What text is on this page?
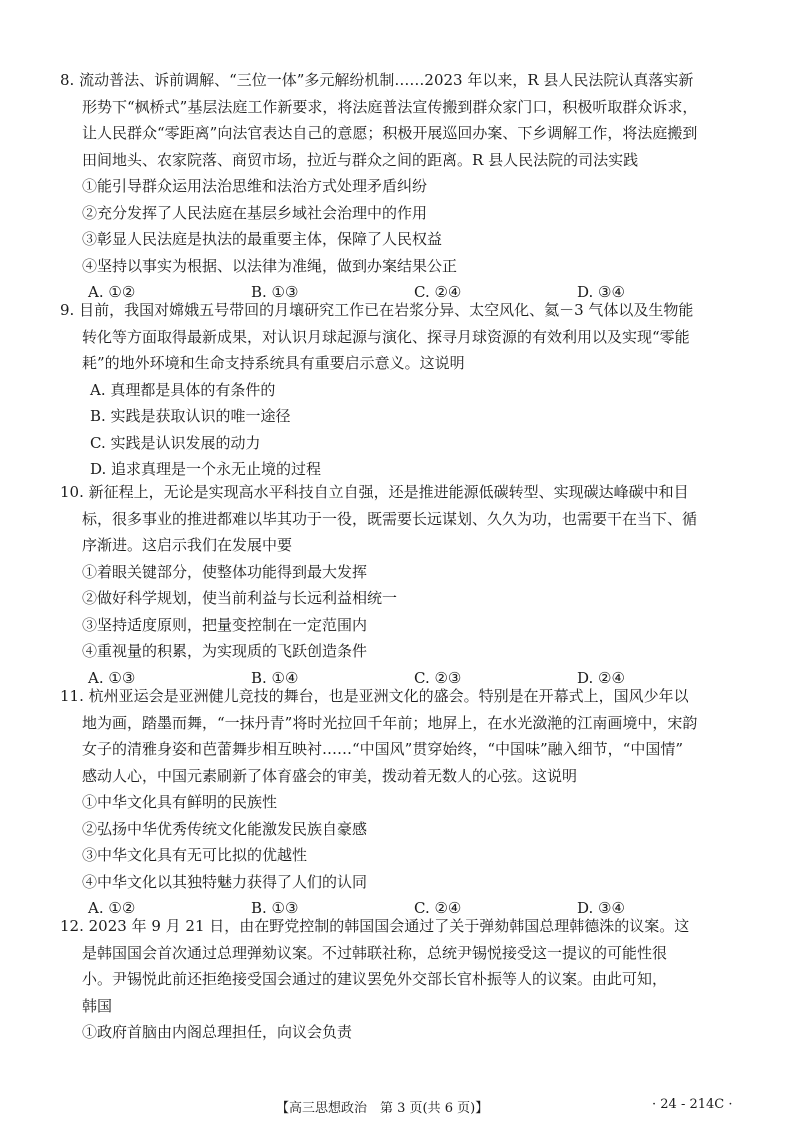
8. 流动普法、诉前调解、“三位一体”多元解纷机制……2023 年以来，R 县人民法院认真落实新

形势下“枫桥式”基层法庭工作新要求，将法庭普法宣传搬到群众家门口，积极听取群众诉求，

让人民群众“零距离”向法官表达自己的意愿；积极开展巡回办案、下乡调解工作，将法庭搬到

田间地头、农家院落、商贸市场，拉近与群众之间的距离。R 县人民法院的司法实践

①能引导群众运用法治思维和法治方式处理矛盾纠纷

②充分发挥了人民法庭在基层乡域社会治理中的作用

③彰显人民法庭是执法的最重要主体，保障了人民权益

④坚持以事实为根据、以法律为准绳，做到办案结果公正

A. ①②	B. ①③	C. ②④	D. ③④

9. 目前，我国对嫦娥五号带回的月壤研究工作已在岩浆分异、太空风化、氦－3 气体以及生物能

转化等方面取得最新成果，对认识月球起源与演化、探寻月球资源的有效利用以及实现“零能

耗”的地外环境和生命支持系统具有重要启示意义。这说明

A. 真理都是具体的有条件的

B. 实践是获取认识的唯一途径

C. 实践是认识发展的动力

D. 追求真理是一个永无止境的过程

10. 新征程上，无论是实现高水平科技自立自强，还是推进能源低碳转型、实现碳达峰碳中和目

标，很多事业的推进都难以毕其功于一役，既需要长远谋划、久久为功，也需要干在当下、循

序渐进。这启示我们在发展中要

①着眼关键部分，使整体功能得到最大发挥

②做好科学规划，使当前利益与长远利益相统一

③坚持适度原则，把量变控制在一定范围内

④重视量的积累，为实现质的飞跃创造条件

A. ①③	B. ①④	C. ②③	D. ②④

11. 杭州亚运会是亚洲健儿竞技的舞台，也是亚洲文化的盛会。特别是在开幕式上，国风少年以

地为画，踏墨而舞，“一抹丹青”将时光拉回千年前；地屏上，在水光潋滟的江南画境中，宋韵

女子的清雅身姿和芭蕾舞步相互映衬……“中国风”贯穿始终，“中国味”融入细节，“中国情”

感动人心，中国元素刷新了体育盛会的审美，拨动着无数人的心弦。这说明

①中华文化具有鲜明的民族性

②弘扬中华优秀传统文化能激发民族自豪感

③中华文化具有无可比拟的优越性

④中华文化以其独特魅力获得了人们的认同

A. ①②	B. ①③	C. ②④	D. ③④

12. 2023 年 9 月 21 日，由在野党控制的韩国国会通过了关于弹劾韩国总理韩德洙的议案。这

是韩国国会首次通过总理弹劾议案。不过韩联社称，总统尹锡悦接受这一提议的可能性很

小。尹锡悦此前还拒绝接受国会通过的建议罢免外交部长官朴振等人的议案。由此可知，

韩国

①政府首脑由内阁总理担任，向议会负责

【高三思想政治　第 3 页(共 6 页)】	· 24 - 214C ·
